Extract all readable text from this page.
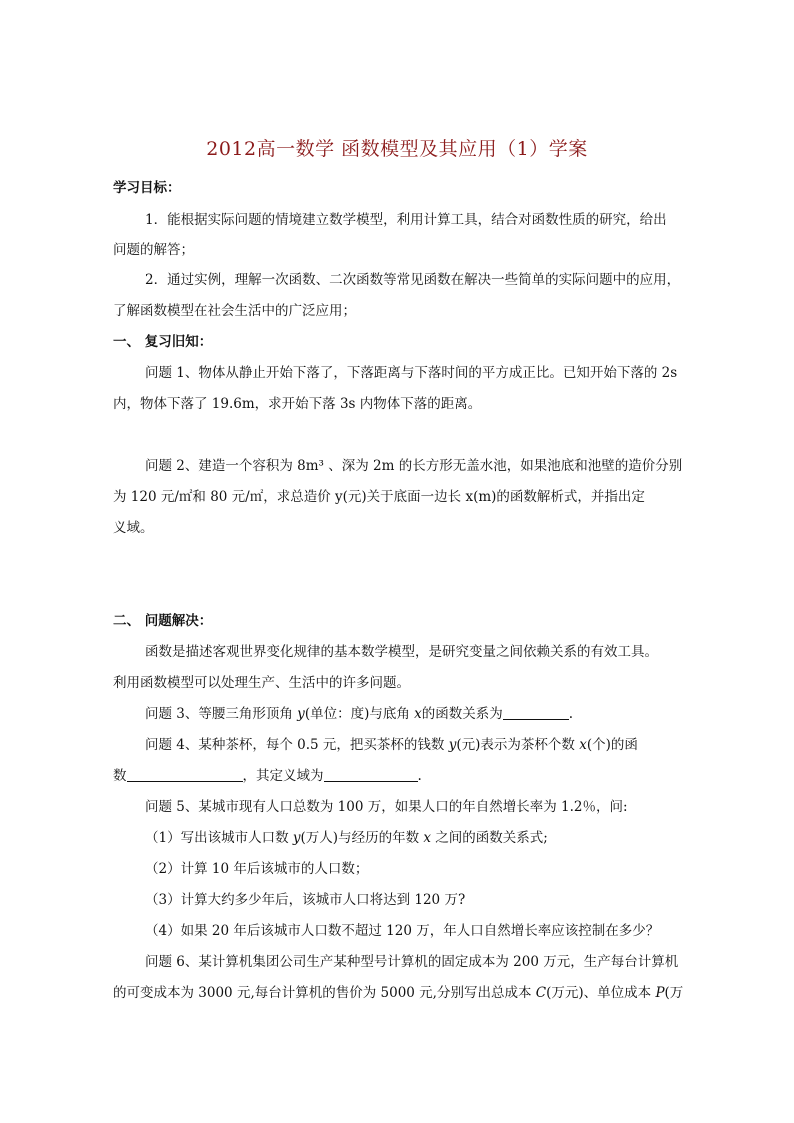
2012高一数学 函数模型及其应用（1）学案
学习目标：
1．能根据实际问题的情境建立数学模型，利用计算工具，结合对函数性质的研究，给出
问题的解答；
2．通过实例，理解一次函数、二次函数等常见函数在解决一些简单的实际问题中的应用，
了解函数模型在社会生活中的广泛应用；
一、 复习旧知：
问题 1、物体从静止开始下落了，下落距离与下落时间的平方成正比。已知开始下落的 2s
内，物体下落了 19.6m，求开始下落 3s 内物体下落的距离。
问题 2、建造一个容积为 8m³ 、深为 2m 的长方形无盖水池，如果池底和池壁的造价分别
为 120 元/㎡和 80 元/㎡，求总造价 y(元)关于底面一边长 x(m)的函数解析式，并指出定
义域。
二、 问题解决：
函数是描述客观世界变化规律的基本数学模型，是研究变量之间依赖关系的有效工具。
利用函数模型可以处理生产、生活中的许多问题。
问题 3、等腰三角形顶角 y(单位：度)与底角 x的函数关系为	.
问题 4、某种茶杯，每个 0.5 元，把买茶杯的钱数 y(元)表示为茶杯个数 x(个)的函
数	，其定义域为	.
问题 5、某城市现有人口总数为 100 万，如果人口的年自然增长率为 1.2％，问:
（1）写出该城市人口数 y(万人)与经历的年数 x 之间的函数关系式;
（2）计算 10 年后该城市的人口数；
（3）计算大约多少年后，该城市人口将达到 120 万?
（4）如果 20 年后该城市人口数不超过 120 万，年人口自然增长率应该控制在多少？
问题 6、某计算机集团公司生产某种型号计算机的固定成本为 200 万元，生产每台计算机
的可变成本为 3000 元,每台计算机的售价为 5000 元,分别写出总成本 C(万元)、单位成本 P(万
